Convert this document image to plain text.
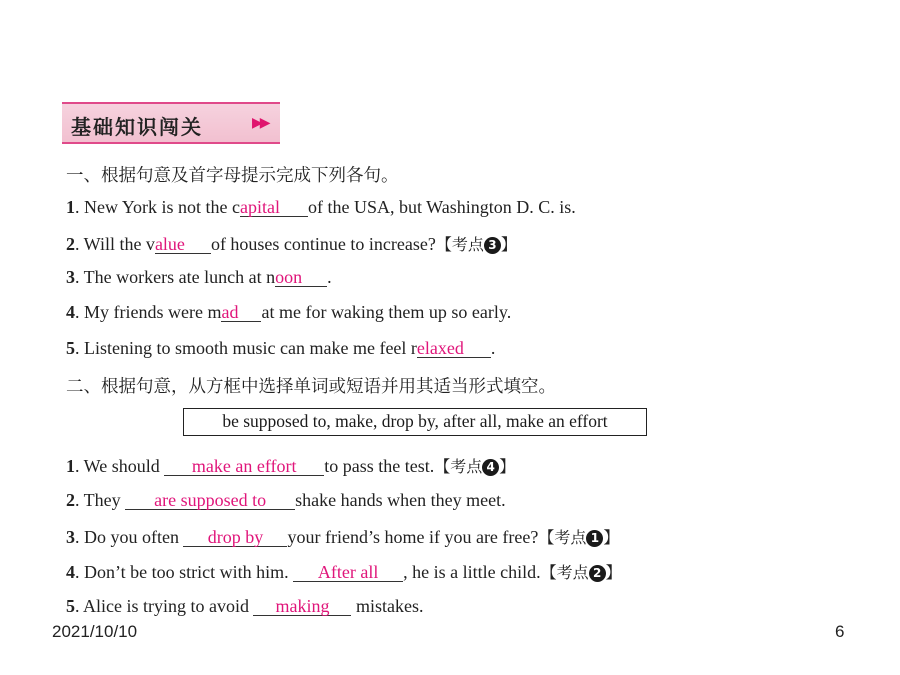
基础知识闯关	▶▶
一、根据句意及首字母提示完成下列各句。
1. New York is not the capital of the USA, but Washington D. C. is.
2. Will the value of houses continue to increase?【考点 3 】
3. The workers ate lunch at noon .
4. My friends were mad at me for waking them up so early.
5. Listening to smooth music can make me feel relaxed .
二、根据句意，从方框中选择单词或短语并用其适当形式填空。
be supposed to, make, drop by, after all, make an effort
1. We should make an effort to pass the test.【考点 4 】
2. They are supposed to shake hands when they meet.
3. Do you often drop by your friend’s home if you are free?【考点 1 】
4. Don’t be too strict with him. After all , he is a little child.【考点 2 】
5. Alice is trying to avoid making mistakes.
2021/10/10	6
